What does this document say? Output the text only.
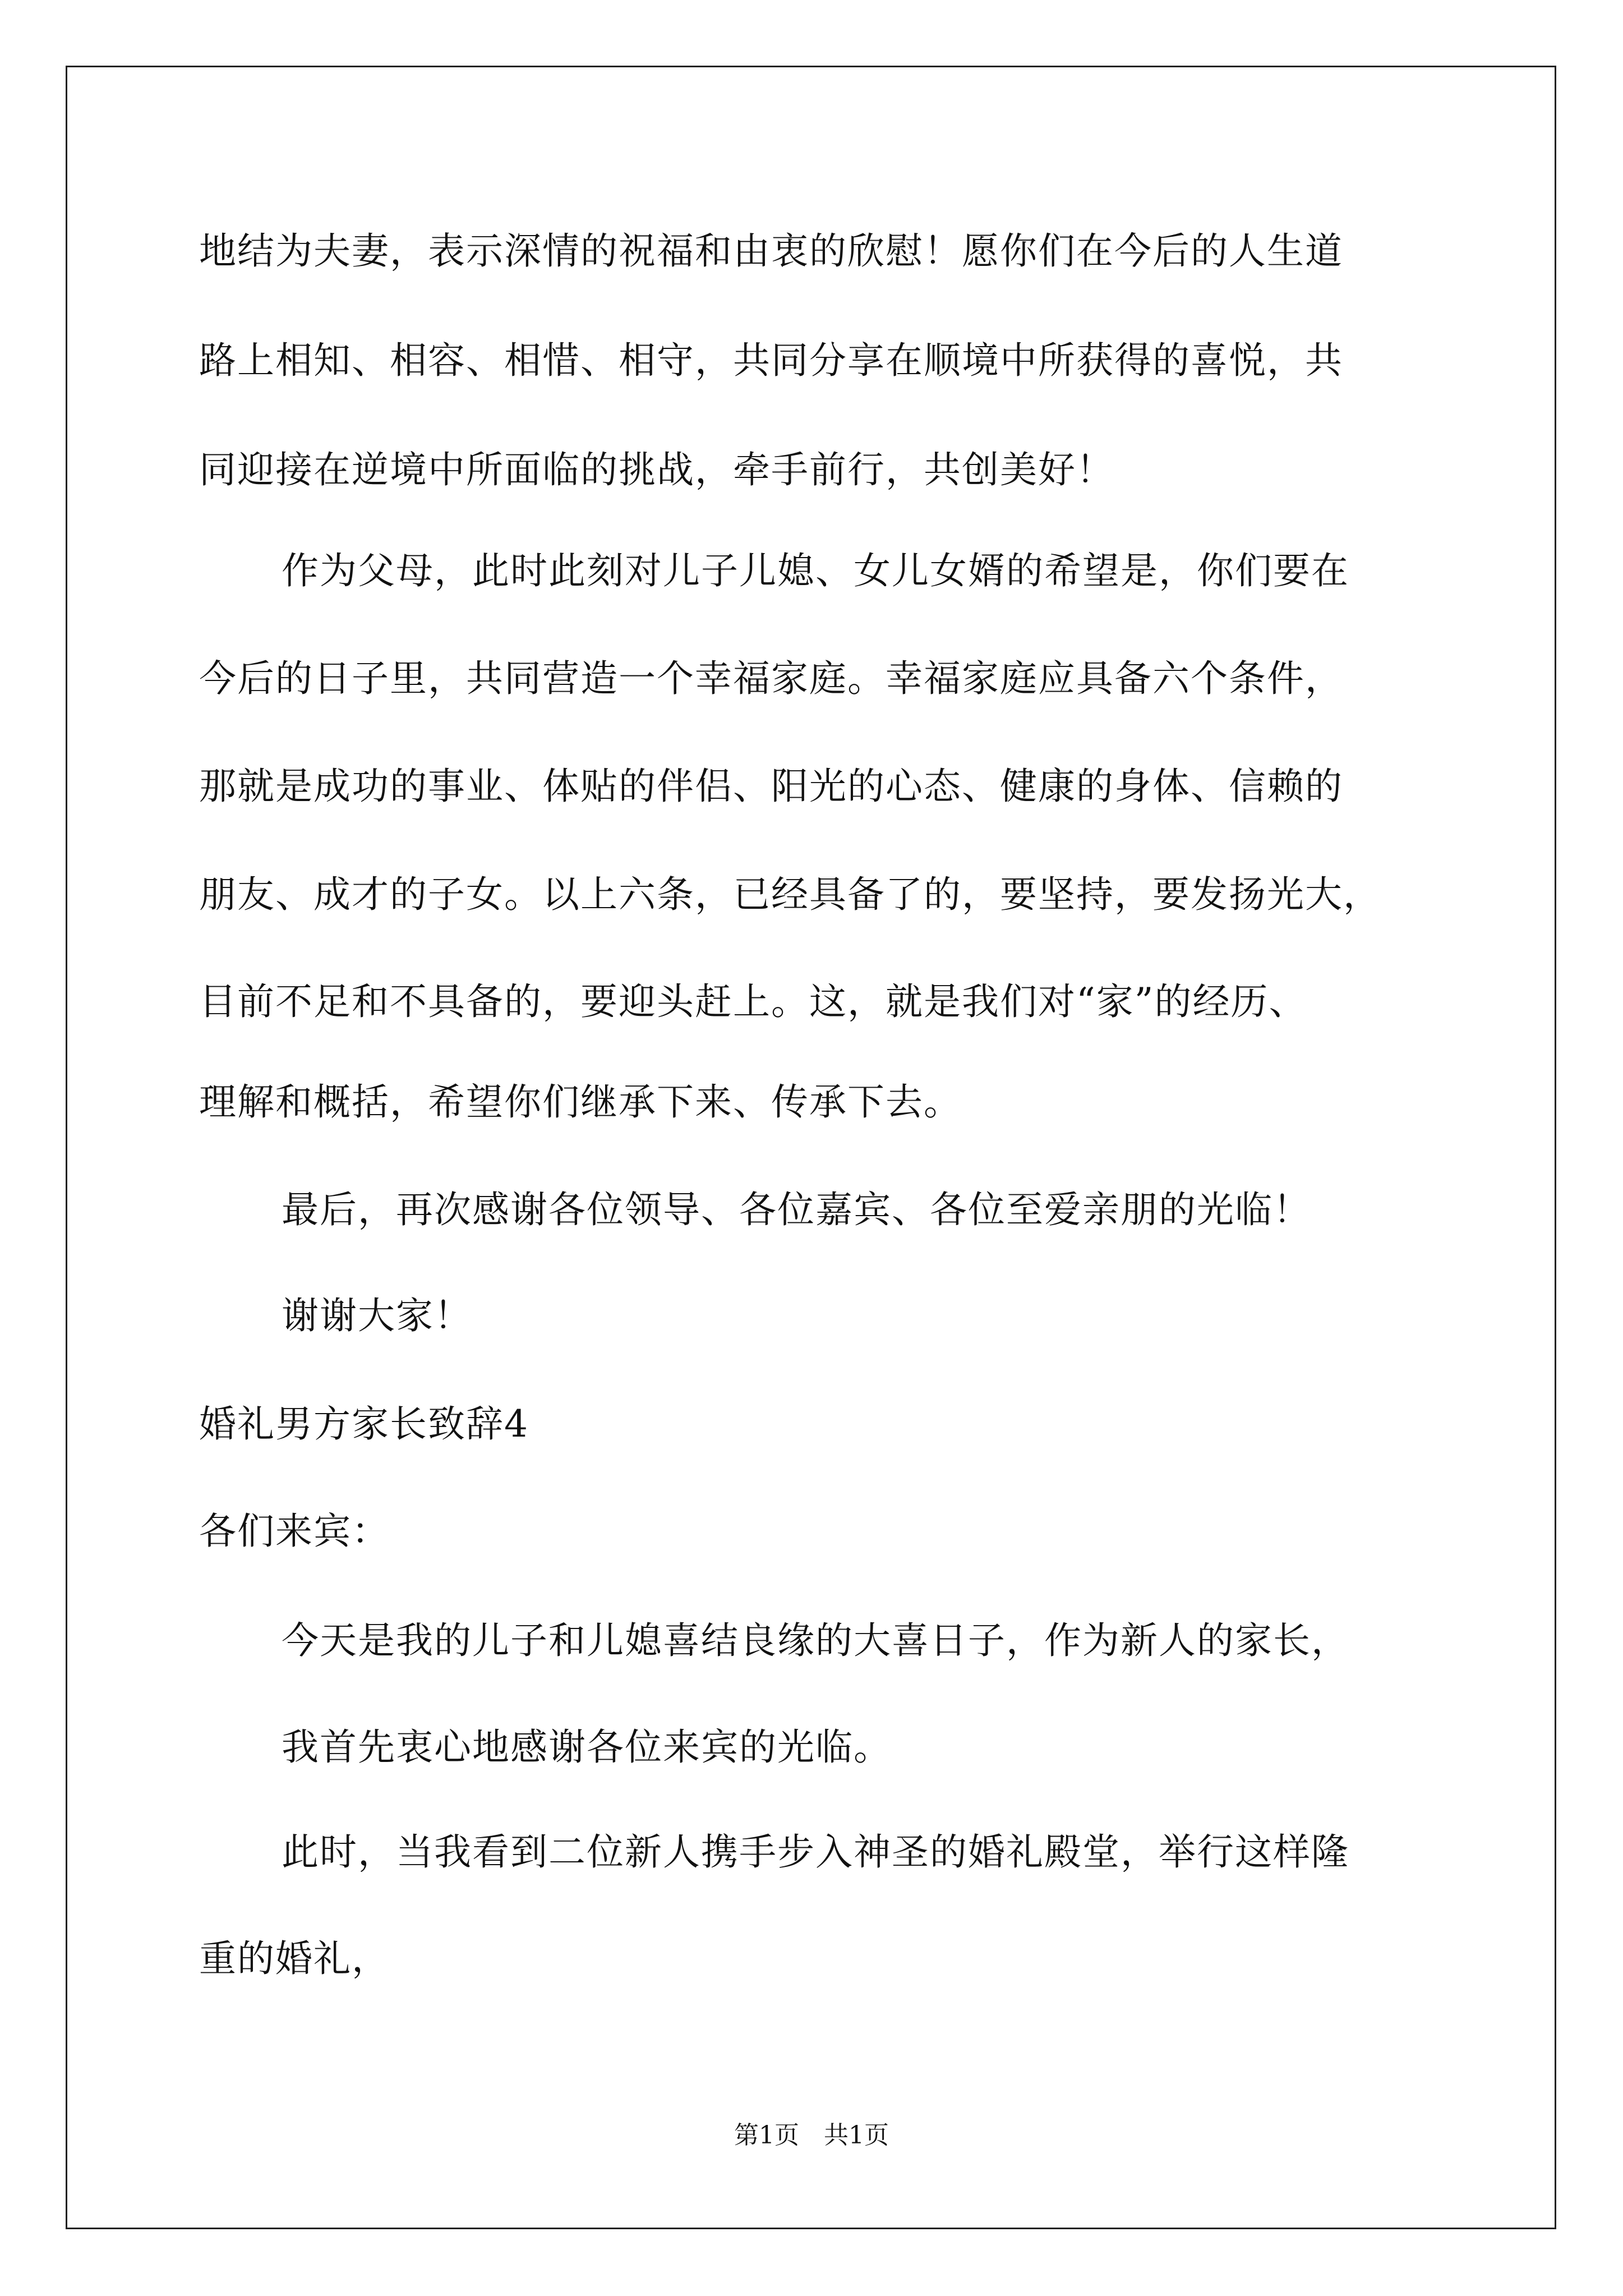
地结为夫妻，表示深情的祝福和由衷的欣慰！愿你们在今后的人生道
路上相知、相容、相惜、相守，共同分享在顺境中所获得的喜悦，共
同迎接在逆境中所面临的挑战，牵手前行，共创美好！
作为父母，此时此刻对儿子儿媳、女儿女婿的希望是，你们要在
今后的日子里，共同营造一个幸福家庭。幸福家庭应具备六个条件，
那就是成功的事业、体贴的伴侣、阳光的心态、健康的身体、信赖的
朋友、成才的子女。以上六条，已经具备了的，要坚持，要发扬光大，
目前不足和不具备的，要迎头赶上。这，就是我们对“家”的经历、
理解和概括，希望你们继承下来、传承下去。
最后，再次感谢各位领导、各位嘉宾、各位至爱亲朋的光临！
谢谢大家！
婚礼男方家长致辞4
各们来宾：
今天是我的儿子和儿媳喜结良缘的大喜日子，作为新人的家长，
我首先衷心地感谢各位来宾的光临。
此时，当我看到二位新人携手步入神圣的婚礼殿堂，举行这样隆
重的婚礼，
第1页　共1页
